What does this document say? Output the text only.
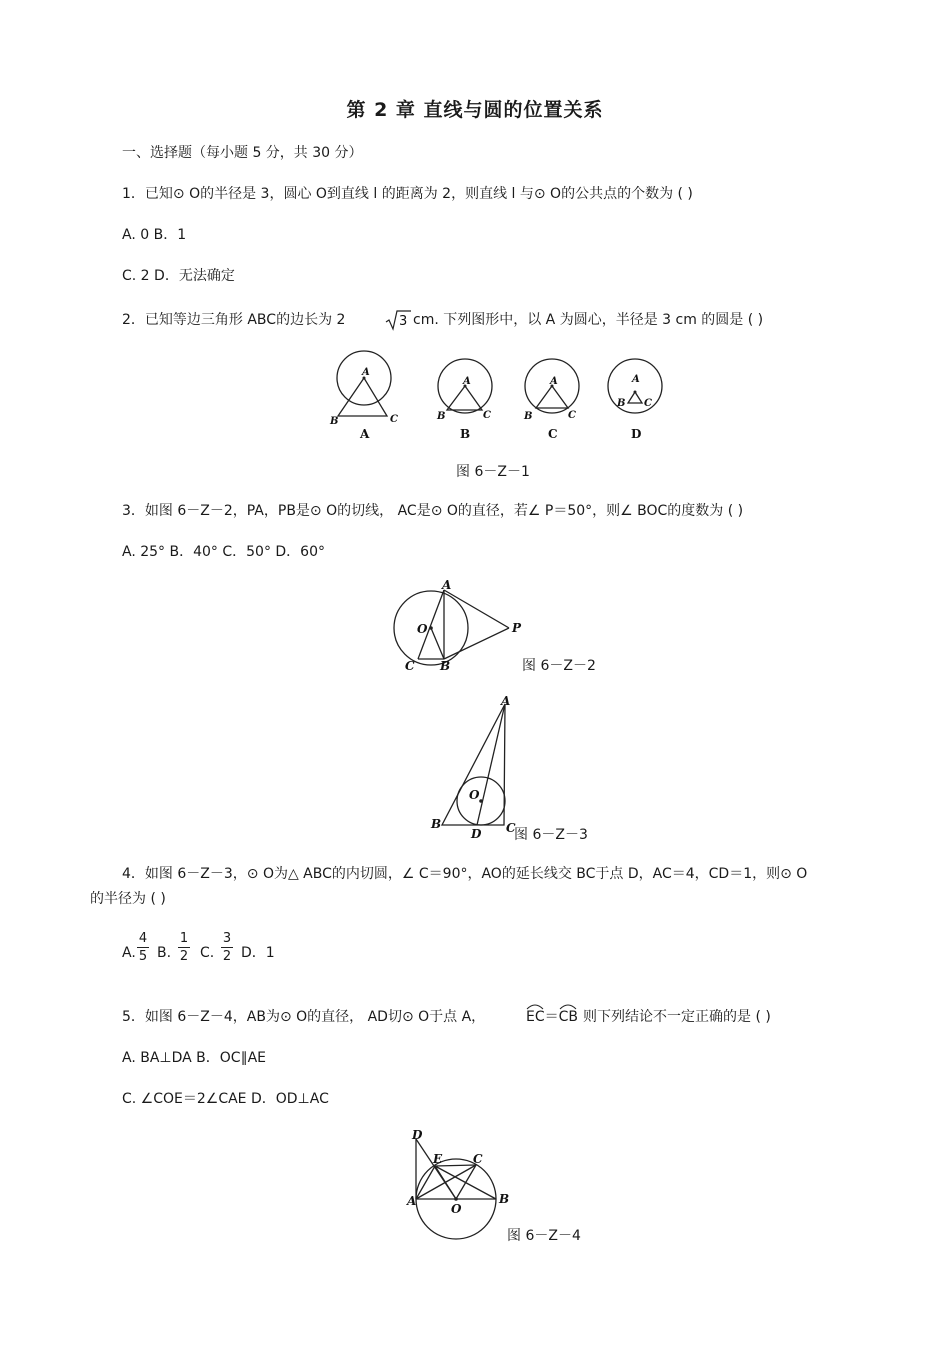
第 2 章 直线与圆的位置关系
一、选择题（每小题 5 分，共 30 分）
1．已知⊙ O的半径是 3，圆心 O到直线 l 的距离为 2，则直线 l 与⊙ O的公共点的个数为 ( )
A. 0 B．1
C. 2 D．无法确定
2．已知等边三角形 ABC的边长为 2	3 cm. 下列图形中，以 A 为圆心，半径是 3 cm 的圆是 ( )
A
B	C
A
B	C
A
B	C
A
B C
A	B	C	D
图 6－Z－1
3．如图 6－Z－2，PA，PB是⊙ O的切线， AC是⊙ O的直径，若∠ P＝50°，则∠ BOC的度数为 ( )
A. 25° B．40° C．50° D．60°
A
O	P
C B	图 6－Z－2
A
O
B
D C
图 6－Z－3
4．如图 6－Z－3，⊙ O为△ ABC的内切圆，∠ C＝90°，AO的延长线交 BC于点 D，AC＝4，CD＝1，则⊙ O
的半径为 ( )
A.
4
5 B.
1
2 C.
3
2 D．1
5．如图 6－Z－4，AB为⊙ O的直径， AD切⊙ O于点 A，	EC＝
CB 则下列结论不一定正确的是 ( )
A. BA⊥DA B．OC∥AE
C. ∠COE＝2∠CAE D．OD⊥AC
D
E	C
A	B
O
图 6－Z－4
